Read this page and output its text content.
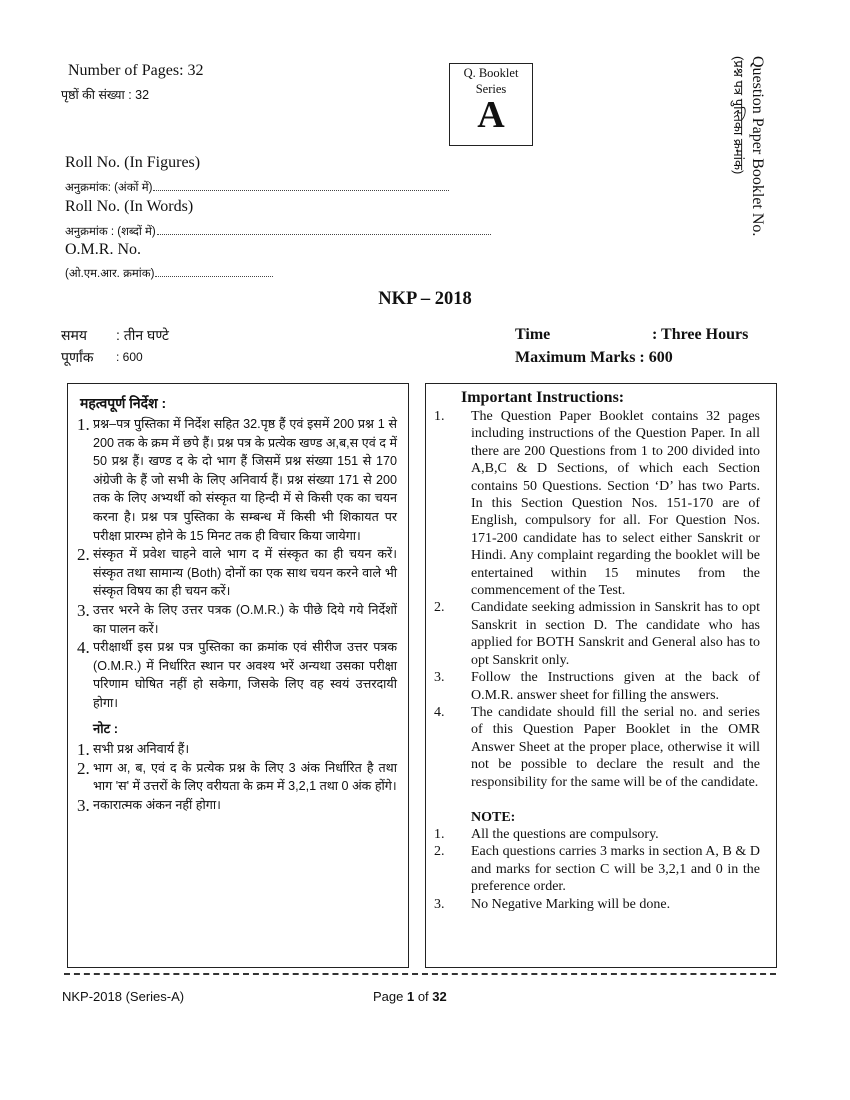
Number of Pages: 32
पृष्ठों की संख्या : 32
Roll No. (In Figures)
अनुक्रमांक: (अंकों में)
Roll No. (In Words)
अनुक्रमांक : (शब्दों में)
O.M.R. No.
(ओ.एम.आर. क्रमांक)
Q. Booklet
Series
A	Question Paper Booklet No.
(प्रश्न पत्र पुस्तिका क्रमांक)
NKP – 2018
समय : तीन घण्टे
पूर्णांक : 600
Time	: Three Hours
Maximum Marks : 600
महत्वपूर्ण निर्देश :
1. प्रश्न–पत्र पुस्तिका में निर्देश सहित 32.पृष्ठ हैं एवं इसमें 200 प्रश्न 1 से 200 तक के क्रम में छपे हैं। प्रश्न पत्र के प्रत्येक खण्ड अ,ब,स एवं द में 50 प्रश्न हैं। खण्ड द के दो भाग हैं जिसमें प्रश्न संख्या 151 से 170 अंग्रेजी के हैं जो सभी के लिए अनिवार्य हैं। प्रश्न संख्या 171 से 200 तक के लिए अभ्यर्थी को संस्कृत या हिन्दी में से किसी एक का चयन करना है। प्रश्न पत्र पुस्तिका के सम्बन्ध में किसी भी शिकायत पर परीक्षा प्रारम्भ होने के 15 मिनट तक ही विचार किया जायेगा।
2. संस्कृत में प्रवेश चाहने वाले भाग द में संस्कृत का ही चयन करें। संस्कृत तथा सामान्य (Both) दोनों का एक साथ चयन करने वाले भी संस्कृत विषय का ही चयन करें।
3. उत्तर भरने के लिए उत्तर पत्रक (O.M.R.) के पीछे दिये गये निर्देशों का पालन करें।
4. परीक्षार्थी इस प्रश्न पत्र पुस्तिका का क्रमांक एवं सीरीज उत्तर पत्रक (O.M.R.) में निर्धारित स्थान पर अवश्य भरें अन्यथा उसका परीक्षा परिणाम घोषित नहीं हो सकेगा, जिसके लिए वह स्वयं उत्तरदायी होगा।
नोट :
1. सभी प्रश्न अनिवार्य हैं।
2. भाग अ, ब, एवं द के प्रत्येक प्रश्न के लिए 3 अंक निर्धारित है तथा भाग 'स' में उत्तरों के लिए वरीयता के क्रम में 3,2,1 तथा 0 अंक होंगे।
3. नकारात्मक अंकन नहीं होगा।
Important Instructions:
1.	The Question Paper Booklet contains 32 pages including instructions of the Question Paper. In all there are 200 Questions from 1 to 200 divided into A,B,C & D Sections, of which each Section contains 50 Questions. Section ‘D’ has two Parts. In this Section Question Nos. 151-170 are of English, compulsory for all. For Question Nos. 171-200 candidate has to select either Sanskrit or Hindi. Any complaint regarding the booklet will be entertained within 15 minutes from the commencement of the Test.
2.	Candidate seeking admission in Sanskrit has to opt Sanskrit in section D. The candidate who has applied for BOTH Sanskrit and General also has to opt Sanskrit only.
3.	Follow the Instructions given at the back of O.M.R. answer sheet for filling the answers.
4.	The candidate should fill the serial no. and series of this Question Paper Booklet in the OMR Answer Sheet at the proper place, otherwise it will not be possible to declare the result and the responsibility for the same will be of the candidate.
NOTE:
1.	All the questions are compulsory.
2.	Each questions carries 3 marks in section A, B & D and marks for section C will be 3,2,1 and 0 in the preference order.
3.	No Negative Marking will be done.
NKP-2018 (Series-A)	Page 1 of 32
